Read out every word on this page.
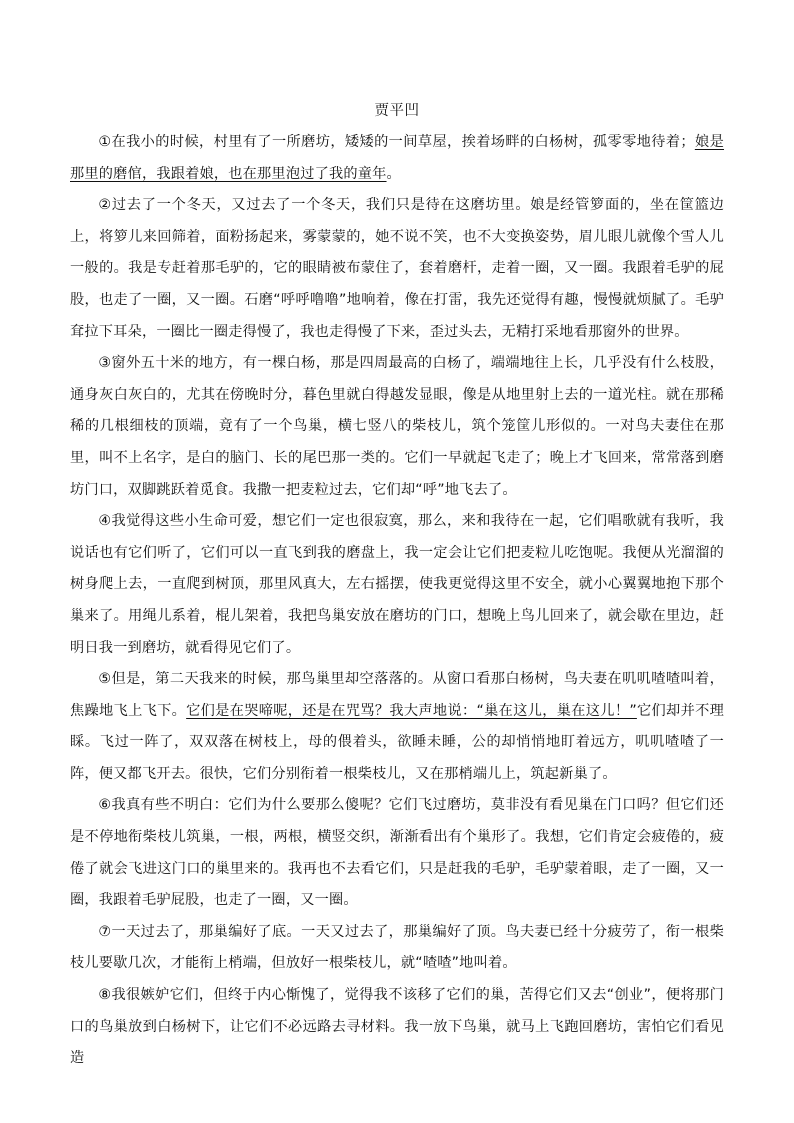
贾平凹

①在我小的时候，村里有了一所磨坊，矮矮的一间草屋，挨着场畔的白杨树，孤零零地待着；娘是那里的磨倌，我跟着娘，也在那里泡过了我的童年。

②过去了一个冬天，又过去了一个冬天，我们只是待在这磨坊里。娘是经管箩面的，坐在筐篮边上，将箩儿来回筛着，面粉扬起来，雾蒙蒙的，她不说不笑，也不大变换姿势，眉儿眼儿就像个雪人儿一般的。我是专赶着那毛驴的，它的眼睛被布蒙住了，套着磨杆，走着一圈，又一圈。我跟着毛驴的屁股，也走了一圈，又一圈。石磨“呼呼噜噜”地响着，像在打雷，我先还觉得有趣，慢慢就烦腻了。毛驴耷拉下耳朵，一圈比一圈走得慢了，我也走得慢了下来，歪过头去，无精打采地看那窗外的世界。

③窗外五十米的地方，有一棵白杨，那是四周最高的白杨了，端端地往上长，几乎没有什么枝股，通身灰白灰白的，尤其在傍晚时分，暮色里就白得越发显眼，像是从地里射上去的一道光柱。就在那稀稀的几根细枝的顶端，竟有了一个鸟巢，横七竖八的柴枝儿，筑个笼筐儿形似的。一对鸟夫妻住在那里，叫不上名字，是白的脑门、长的尾巴那一类的。它们一早就起飞走了；晚上才飞回来，常常落到磨坊门口，双脚跳跃着觅食。我撒一把麦粒过去，它们却“呼”地飞去了。

④我觉得这些小生命可爱，想它们一定也很寂寞，那么，来和我待在一起，它们唱歌就有我听，我说话也有它们听了，它们可以一直飞到我的磨盘上，我一定会让它们把麦粒儿吃饱呢。我便从光溜溜的树身爬上去，一直爬到树顶，那里风真大，左右摇摆，使我更觉得这里不安全，就小心翼翼地抱下那个巢来了。用绳儿系着，棍儿架着，我把鸟巢安放在磨坊的门口，想晚上鸟儿回来了，就会歇在里边，赶明日我一到磨坊，就看得见它们了。

⑤但是，第二天我来的时候，那鸟巢里却空落落的。从窗口看那白杨树，鸟夫妻在叽叽喳喳叫着，焦躁地飞上飞下。它们是在哭啼呢，还是在咒骂？我大声地说：“巢在这儿，巢在这儿！”它们却并不理睬。飞过一阵了，双双落在树枝上，母的偎着头，欲睡未睡，公的却悄悄地盯着远方，叽叽喳喳了一阵，便又都飞开去。很快，它们分别衔着一根柴枝儿，又在那梢端儿上，筑起新巢了。

⑥我真有些不明白：它们为什么要那么傻呢？它们飞过磨坊，莫非没有看见巢在门口吗？但它们还是不停地衔柴枝儿筑巢，一根，两根，横竖交织，渐渐看出有个巢形了。我想，它们肯定会疲倦的，疲倦了就会飞进这门口的巢里来的。我再也不去看它们，只是赶我的毛驴，毛驴蒙着眼，走了一圈，又一圈，我跟着毛驴屁股，也走了一圈，又一圈。

⑦一天过去了，那巢编好了底。一天又过去了，那巢编好了顶。鸟夫妻已经十分疲劳了，衔一根柴枝儿要歇几次，才能衔上梢端，但放好一根柴枝儿，就“喳喳”地叫着。

⑧我很嫉妒它们，但终于内心惭愧了，觉得我不该移了它们的巢，苦得它们又去“创业”，便将那门口的鸟巢放到白杨树下，让它们不必远路去寻材料。我一放下鸟巢，就马上飞跑回磨坊，害怕它们看见造
